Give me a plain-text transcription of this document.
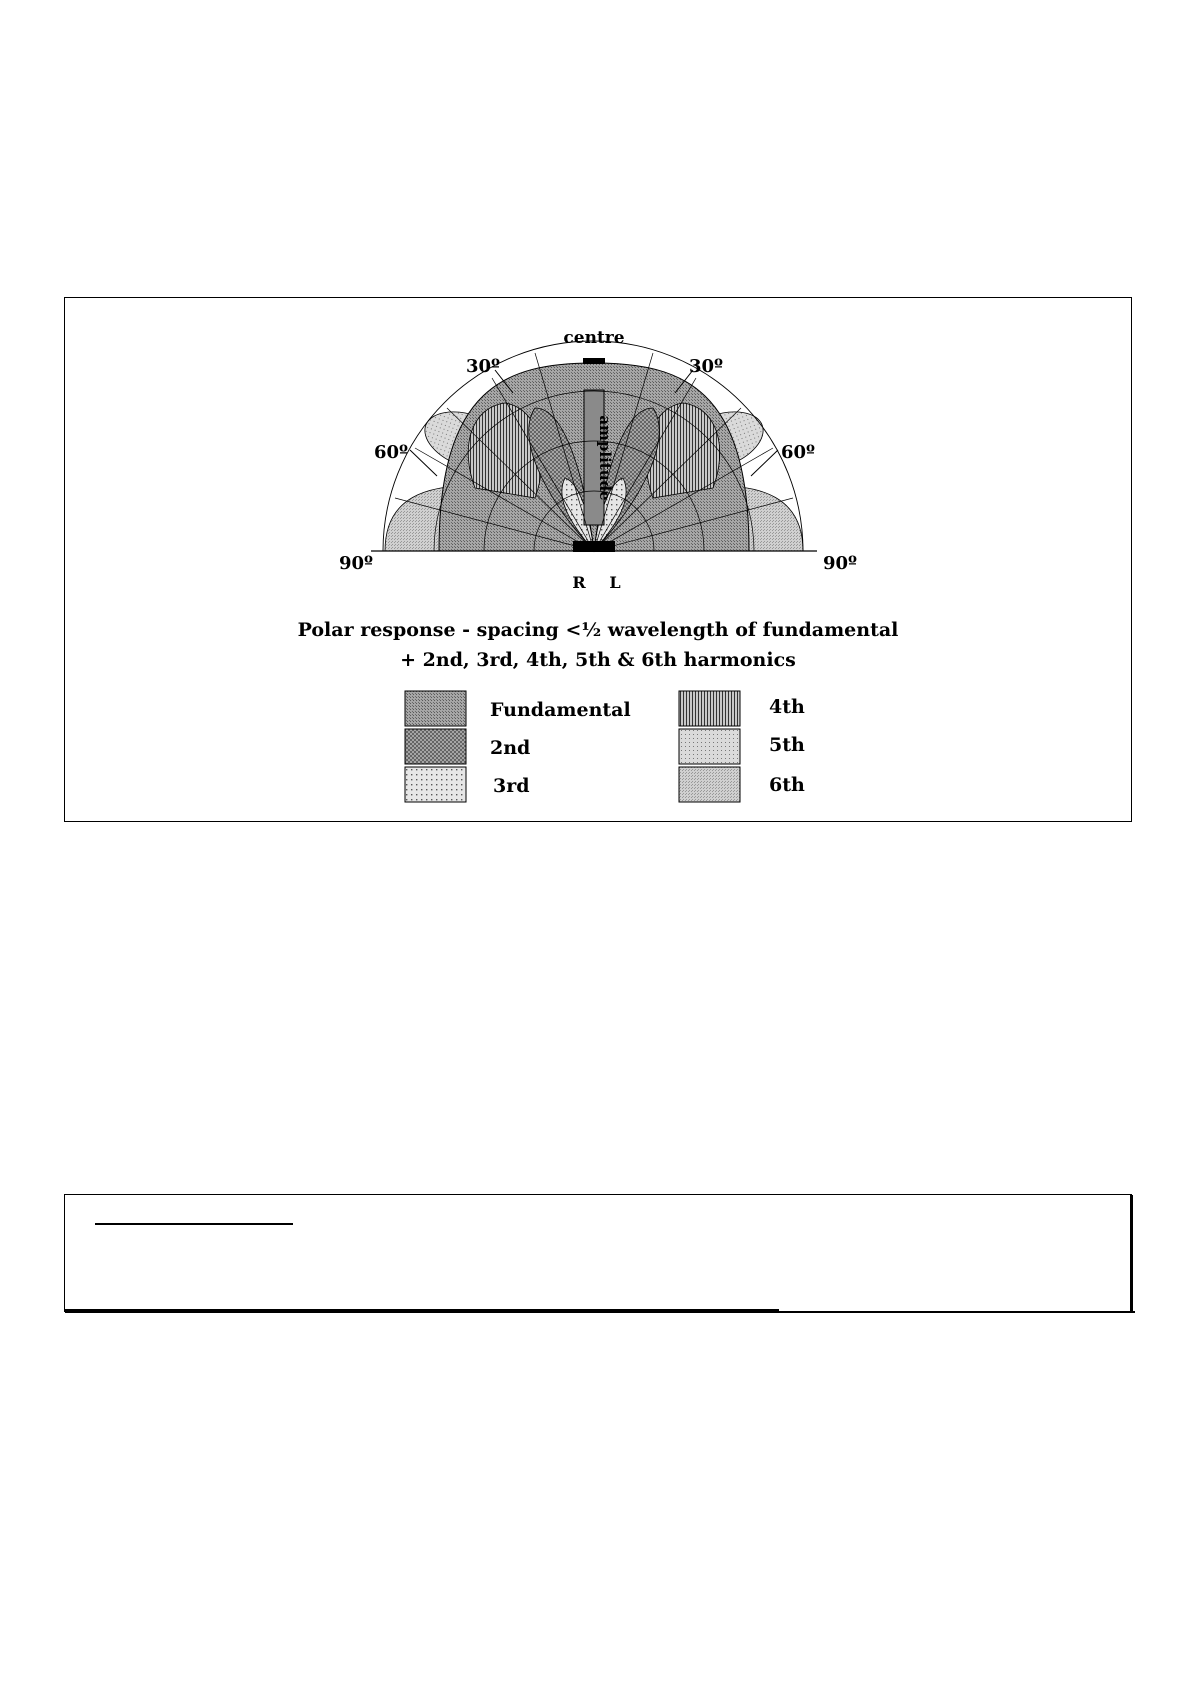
centre
30º	30º
60º	60º
90º	90º
amplitude
R L
Polar response - spacing <½ wavelength of fundamental
+ 2nd, 3rd, 4th, 5th & 6th harmonics
Fundamental
2nd
3rd
4th
5th
6th
